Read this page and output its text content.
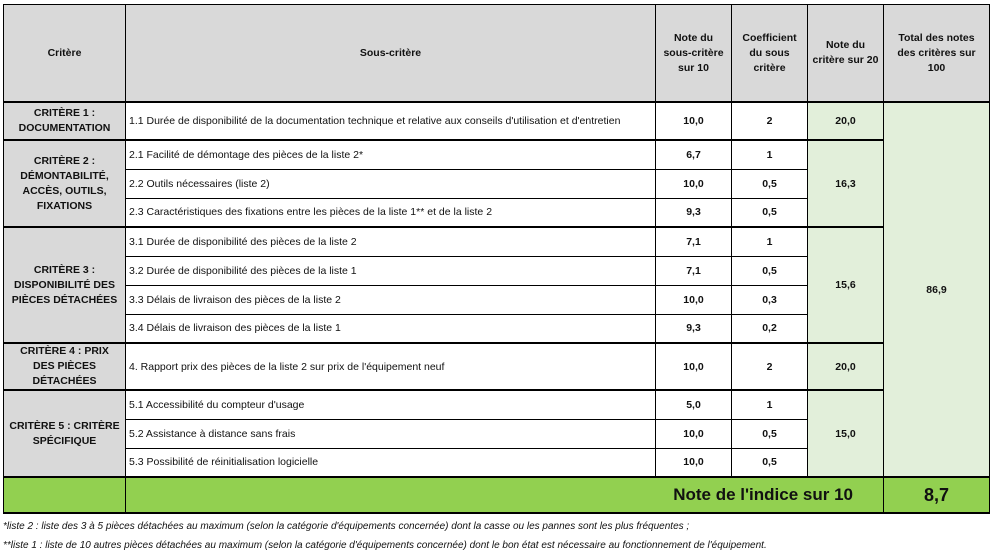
Critère	Sous-critère	Note du sous-critère sur 10	Coefficient du sous critère	Note du critère sur 20	Total des notes des critères sur 100
CRITÈRE 1 : DOCUMENTATION	1.1 Durée de disponibilité de la documentation technique et relative aux conseils d'utilisation et d'entretien	10,0	2	20,0	86,9
CRITÈRE 2 : DÉMONTABILITÉ, ACCÈS, OUTILS, FIXATIONS	2.1 Facilité de démontage des pièces de la liste 2*	6,7	1	16,3	
	2.2 Outils nécessaires (liste 2)	10,0	0,5		
	2.3 Caractéristiques des fixations entre les pièces de la liste 1** et de la liste 2	9,3	0,5		
CRITÈRE 3 : DISPONIBILITÉ DES PIÈCES DÉTACHÉES	3.1 Durée de disponibilité des pièces de la liste 2	7,1	1	15,6	
	3.2 Durée de disponibilité des pièces de la liste 1	7,1	0,5		
	3.3 Délais de livraison des pièces de la liste 2	10,0	0,3		
	3.4 Délais de livraison des pièces de la liste 1	9,3	0,2		
CRITÈRE 4 : PRIX DES PIÈCES DÉTACHÉES	4. Rapport prix des pièces de la liste 2 sur prix de l'équipement neuf	10,0	2	20,0	
CRITÈRE 5 : CRITÈRE SPÉCIFIQUE	5.1 Accessibilité du compteur d'usage	5,0	1	15,0	
	5.2 Assistance à distance sans frais	10,0	0,5		
	5.3 Possibilité de réinitialisation logicielle	10,0	0,5		
	Note de l'indice sur 10				8,7
*liste 2 : liste des 3 à 5 pièces détachées au maximum (selon la catégorie d'équipements concernée) dont la casse ou les pannes sont les plus fréquentes ;
**liste 1 : liste de 10 autres pièces détachées au maximum (selon la catégorie d'équipements concernée) dont le bon état est nécessaire au fonctionnement de l'équipement.
